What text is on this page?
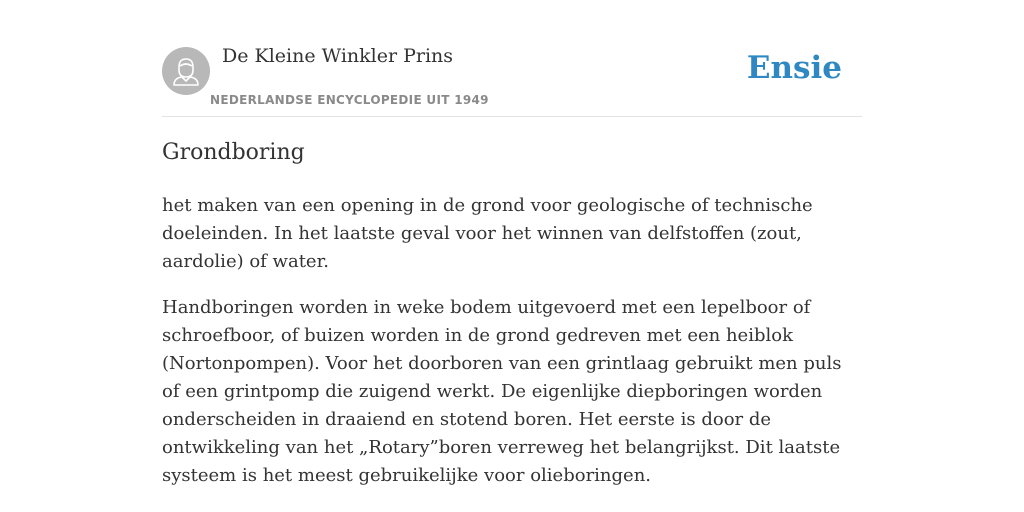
De Kleine Winkler Prins
NEDERLANDSE ENCYCLOPEDIE UIT 1949
Ensie
Grondboring

het maken van een opening in de grond voor geologische of technische doeleinden. In het laatste geval voor het winnen van delfstoffen (zout, aardolie) of water.

Handboringen worden in weke bodem uitgevoerd met een lepelboor of schroefboor, of buizen worden in de grond gedreven met een heiblok (Nortonpompen). Voor het doorboren van een grintlaag gebruikt men puls of een grintpomp die zuigend werkt. De eigenlijke diepboringen worden onderscheiden in draaiend en stotend boren. Het eerste is door de ontwikkeling van het „Rotary”boren verreweg het belangrijkst. Dit laatste systeem is het meest gebruikelijke voor olieboringen.
